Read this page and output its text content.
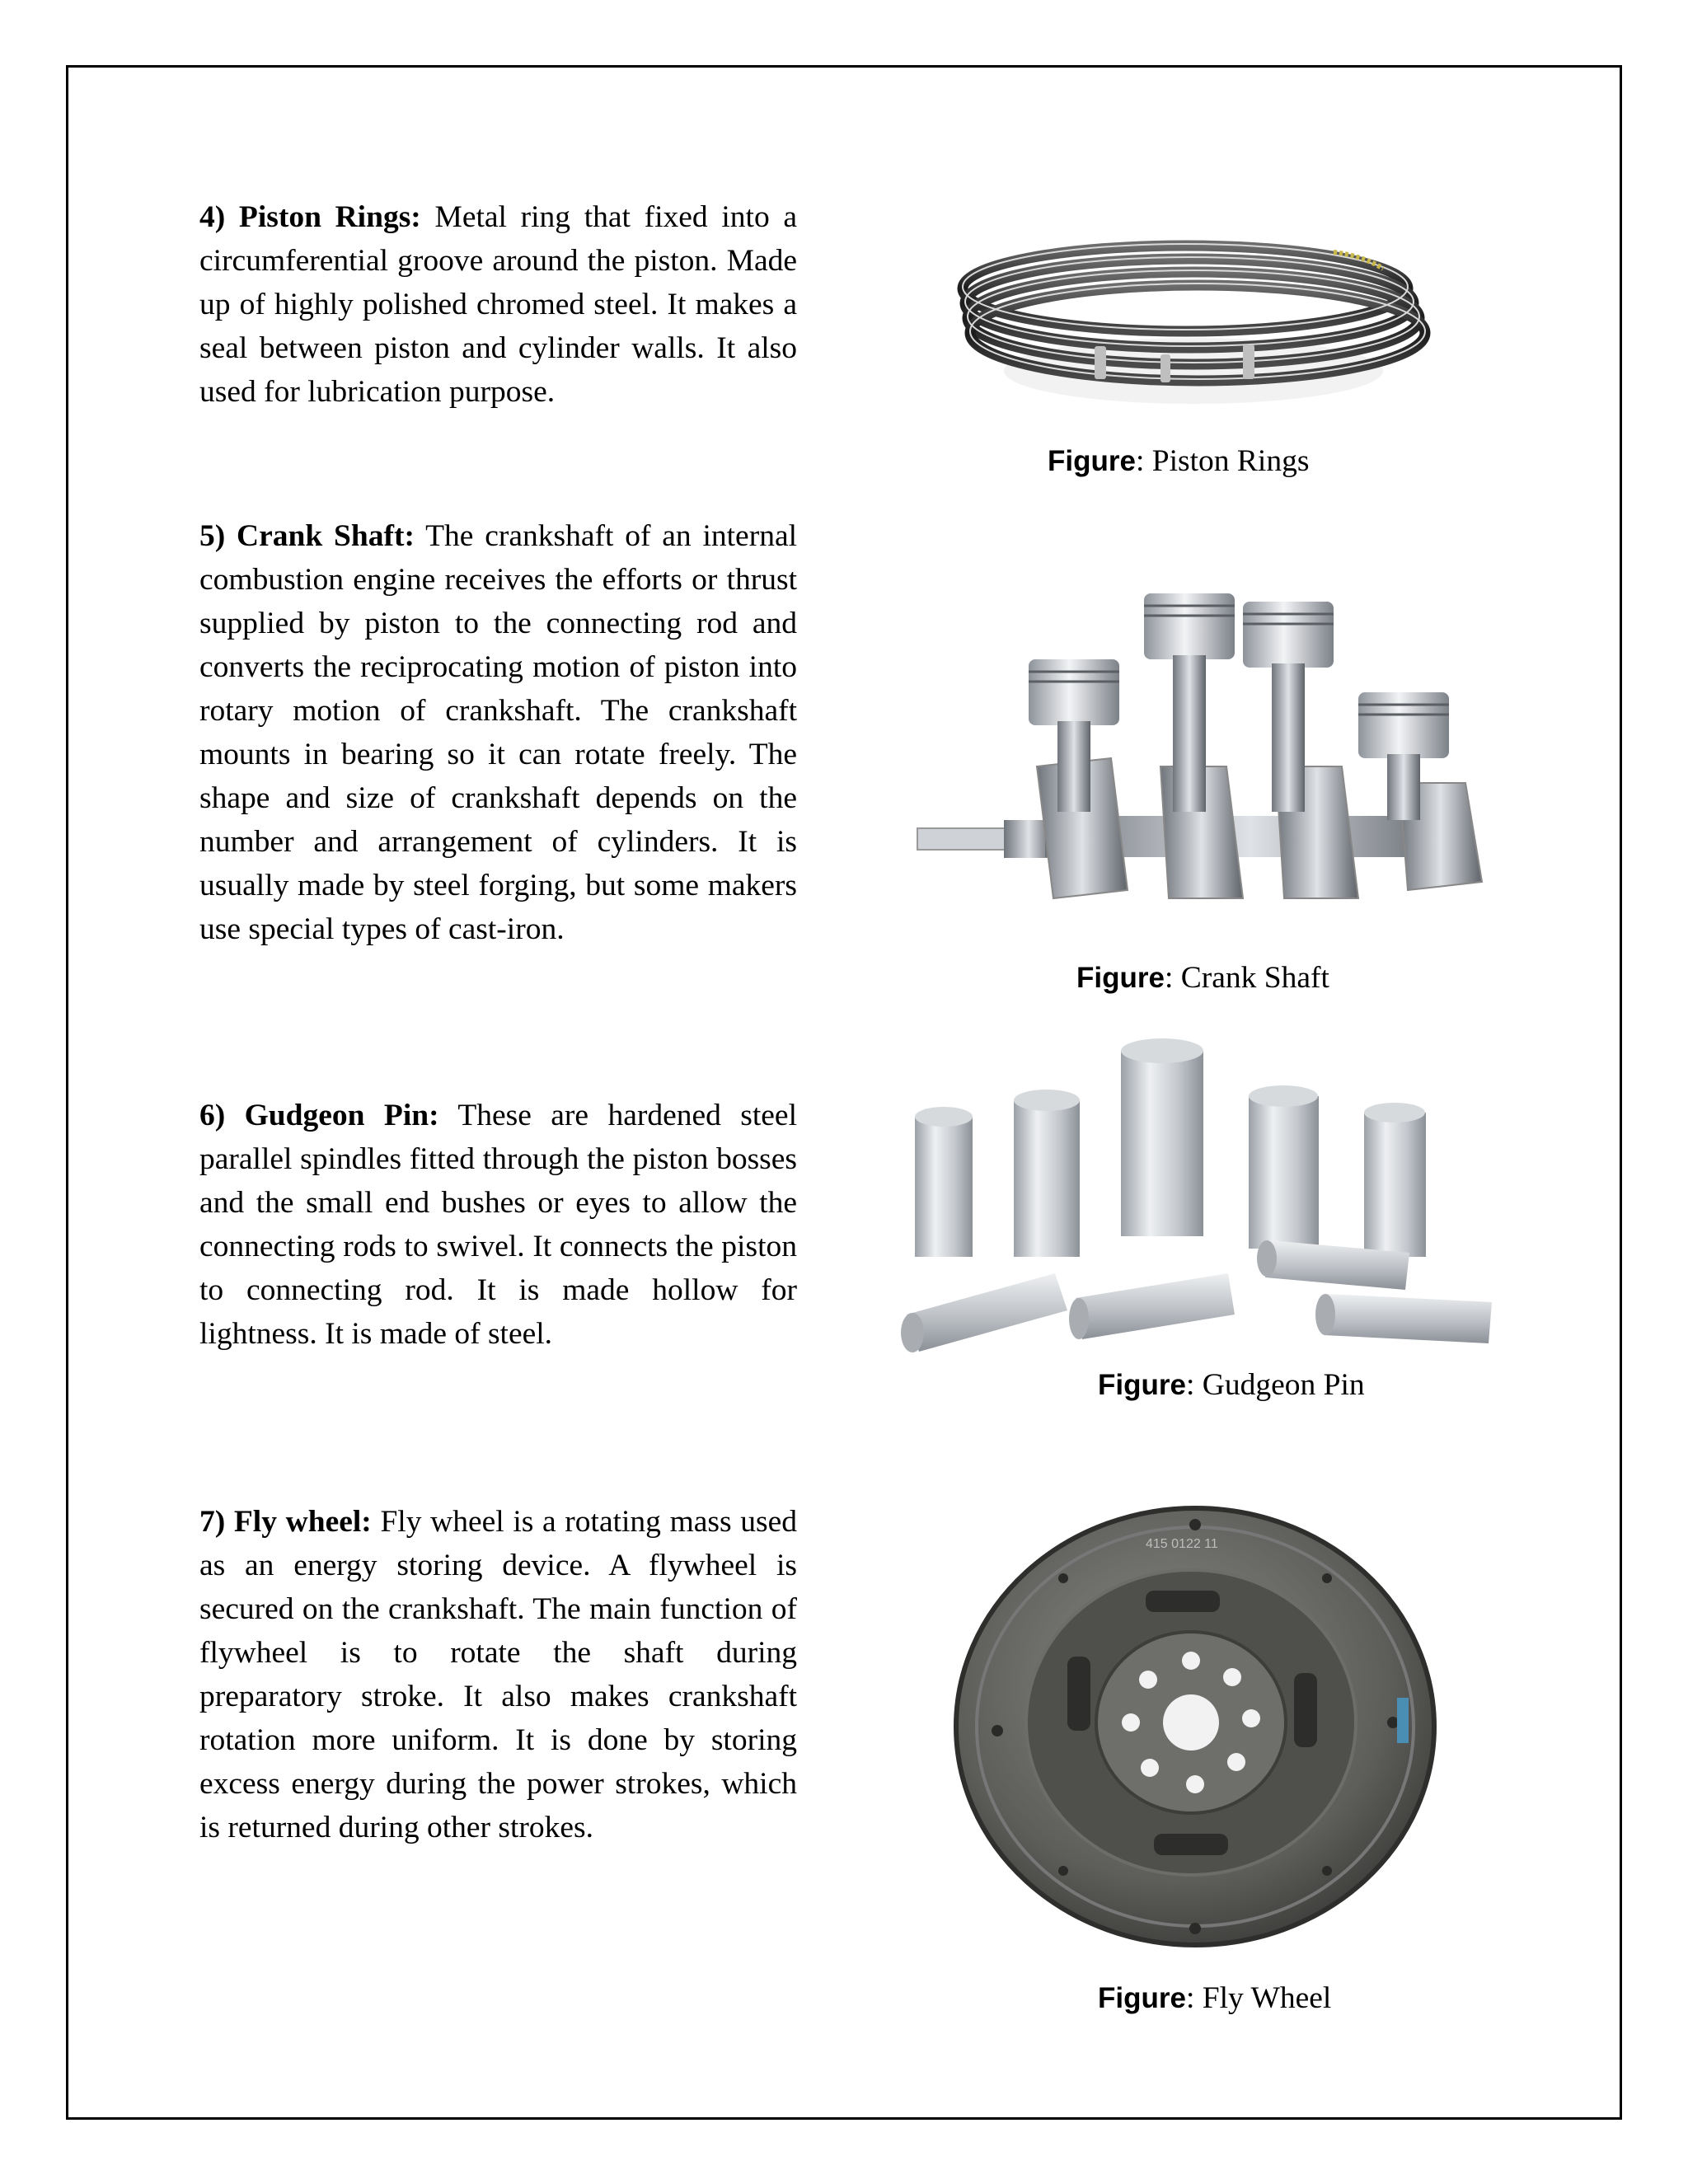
4) Piston Rings: Metal ring that fixed into a circumferential groove around the piston. Made up of highly polished chromed steel. It makes a seal between piston and cylinder walls. It also used for lubrication purpose.

Figure: Piston Rings

5) Crank Shaft: The crankshaft of an internal combustion engine receives the efforts or thrust supplied by piston to the connecting rod and converts the reciprocating motion of piston into rotary motion of crankshaft. The crankshaft mounts in bearing so it can rotate freely. The shape and size of crankshaft depends on the number and arrangement of cylinders. It is usually made by steel forging, but some makers use special types of cast-iron.

Figure: Crank Shaft

6) Gudgeon Pin: These are hardened steel parallel spindles fitted through the piston bosses and the small end bushes or eyes to allow the connecting rods to swivel. It connects the piston to connecting rod. It is made hollow for lightness. It is made of steel.

Figure: Gudgeon Pin

7) Fly wheel: Fly wheel is a rotating mass used as an energy storing device. A flywheel is secured on the crankshaft. The main function of flywheel is to rotate the shaft during preparatory stroke. It also makes crankshaft rotation more uniform. It is done by storing excess energy during the power strokes, which is returned during other strokes.

415 0122 11
Figure: Fly Wheel
